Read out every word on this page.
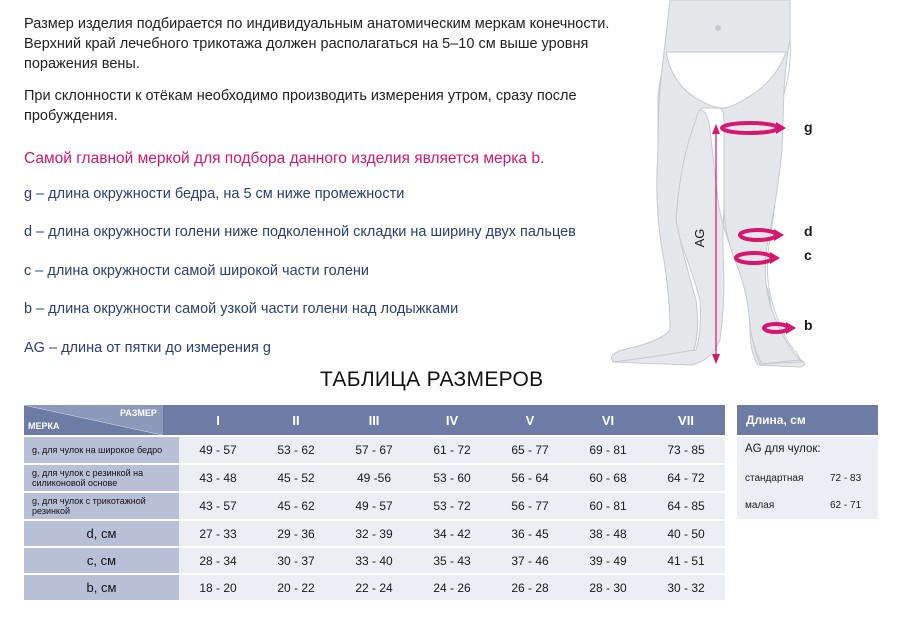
Размер изделия подбирается по индивидуальным анатомическим меркам конечности. Верхний край лечебного трикотажа должен располагаться на 5–10 см выше уровня поражения вены.

При склонности к отёкам необходимо производить измерения утром, сразу после пробуждения.

Самой главной меркой для подбора данного изделия является мерка b.
g – длина окружности бедра, на 5 см ниже промежности
d – длина окружности голени ниже подколенной складки на ширину двух пальцев
c – длина окружности самой широкой части голени
b – длина окружности самой узкой части голени над лодыжками
AG – длина от пятки до измерения g
AG
g
d
c
b
ТАБЛИЦА РАЗМЕРОВ
РАЗМЕР
МЕРКА	I	II	III	IV	V	VI	VII
g, для чулок на широкое бедро	49 - 57	53 - 62	57 - 67	61 - 72	65 - 77	69 - 81	73 - 85
g, для чулок с резинкой на силиконовой основе	43 - 48	45 - 52	49 -56	53 - 60	56 - 64	60 - 68	64 - 72
g, для чулок с трикотажной резинкой	43 - 57	45 - 62	49 - 57	53 - 72	56 - 77	60 - 81	64 - 85
d, см	27 - 33	29 - 36	32 - 39	34 - 42	36 - 45	38 - 48	40 - 50
c, см	28 - 34	30 - 37	33 - 40	35 - 43	37 - 46	39 - 49	41 - 51
b, см	18 - 20	20 - 22	22 - 24	24 - 26	26 - 28	28 - 30	30 - 32
Длина, см
AG для чулок:
стандартная	72 - 83
малая	62 - 71
